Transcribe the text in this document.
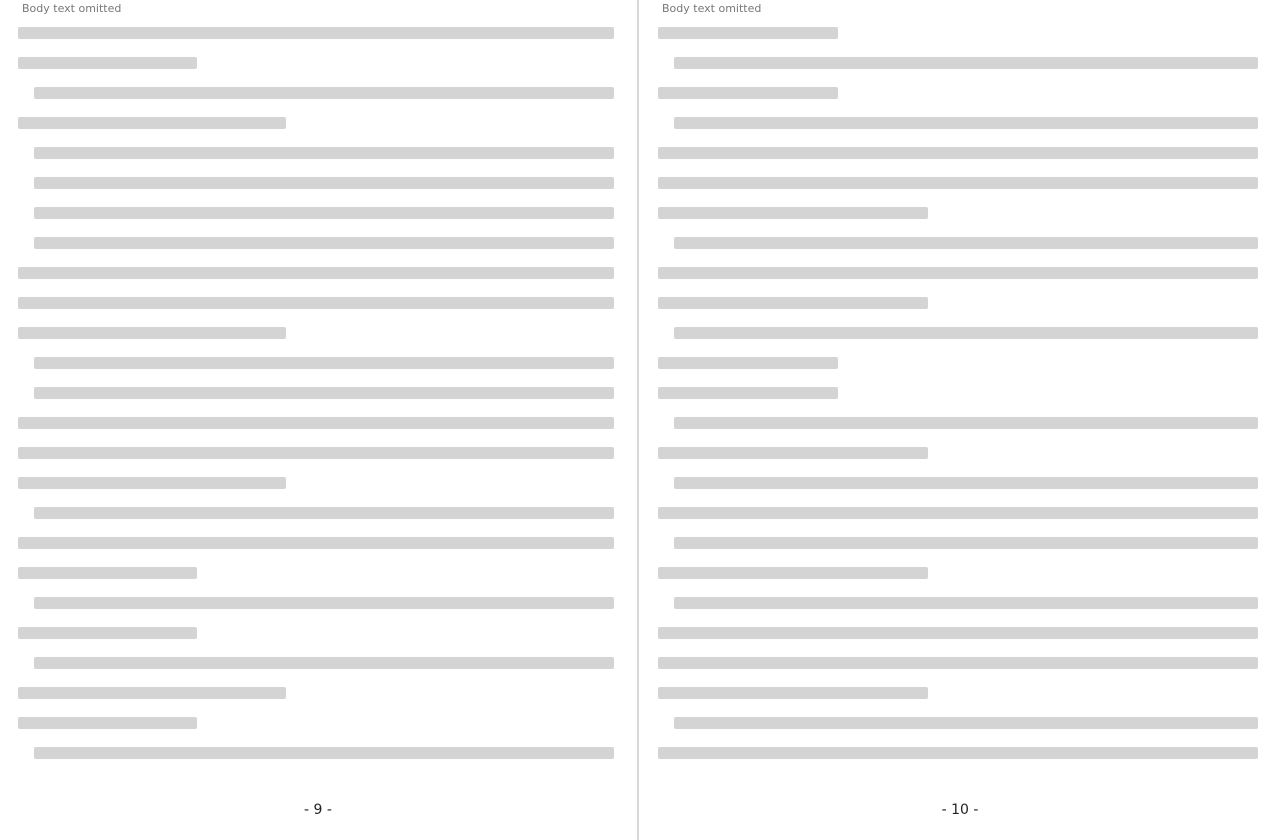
Body text omitted
- 9 -
Body text omitted
- 10 -
